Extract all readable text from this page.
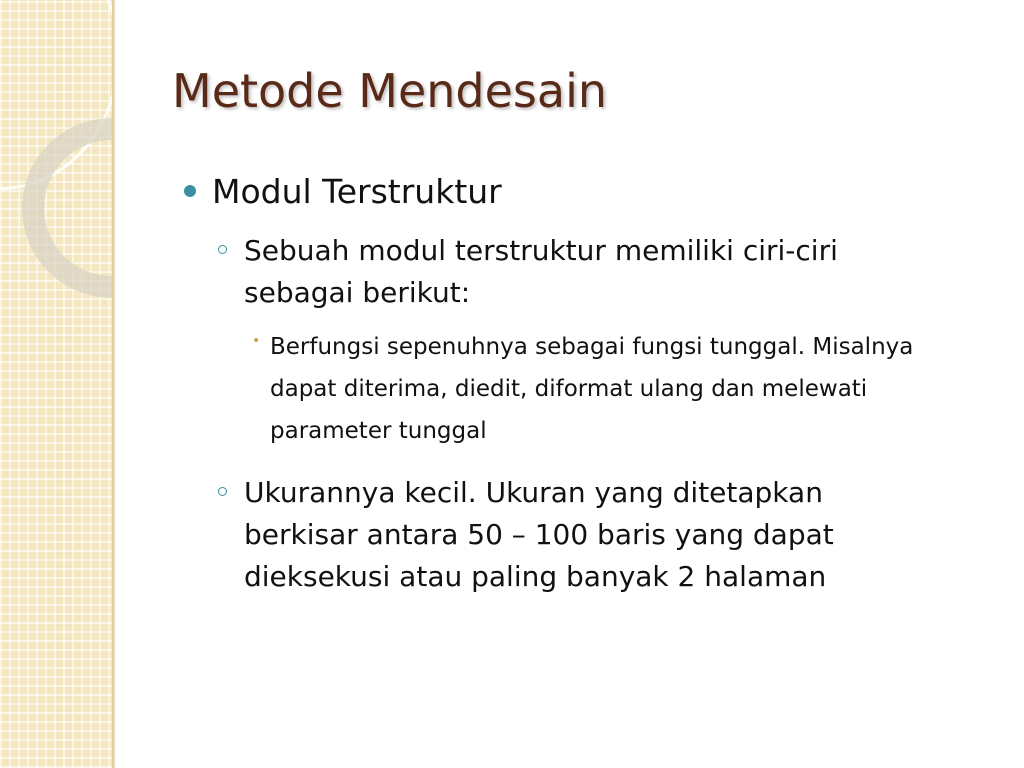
Metode Mendesain
Modul Terstruktur
Sebuah modul terstruktur memiliki ciri-ciri sebagai berikut:
• Berfungsi sepenuhnya sebagai fungsi tunggal. Misalnya dapat diterima, diedit, diformat ulang dan melewati parameter tunggal
Ukurannya kecil. Ukuran yang ditetapkan berkisar antara 50 – 100 baris yang dapat dieksekusi atau paling banyak 2 halaman
